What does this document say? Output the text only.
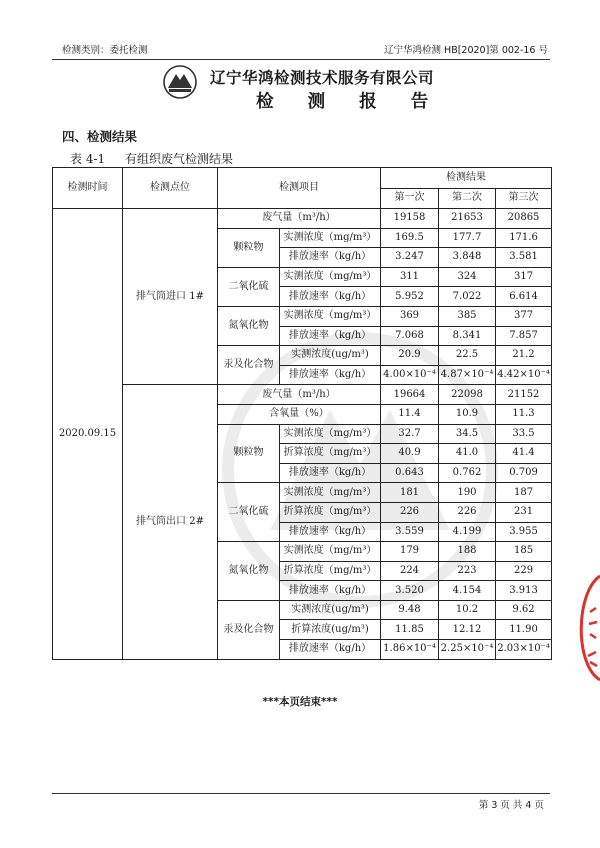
检测类别：委托检测	辽宁华鸿检测 HB[2020]第 002-16 号
辽宁华鸿检测技术服务有限公司
检 测 报 告
四、检测结果
表 4-1 有组织废气检测结果
检测时间	检测点位	检测项目		检测结果		
				第一次	第二次	第三次
2020.09.15	排气筒进口 1#	废气量（m³/h）		19158	21653	20865
		颗粒物	实测浓度（mg/m³）	169.5	177.7	171.6
			排放速率（kg/h）	3.247	3.848	3.581
		二氧化硫	实测浓度（mg/m³）	311	324	317
			排放速率（kg/h）	5.952	7.022	6.614
		氮氧化物	实测浓度（mg/m³）	369	385	377
			排放速率（kg/h）	7.068	8.341	7.857
		汞及化合物	实测浓度(ug/m³)	20.9	22.5	21.2
			排放速率（kg/h）	4.00×10⁻⁴	4.87×10⁻⁴	4.42×10⁻⁴
	排气筒出口 2#	废气量（m³/h）		19664	22098	21152
		含氧量（%）		11.4	10.9	11.3
		颗粒物	实测浓度（mg/m³）	32.7	34.5	33.5
			折算浓度（mg/m³）	40.9	41.0	41.4
			排放速率（kg/h）	0.643	0.762	0.709
		二氧化硫	实测浓度（mg/m³）	181	190	187
			折算浓度（mg/m³）	226	226	231
			排放速率（kg/h）	3.559	4.199	3.955
		氮氧化物	实测浓度（mg/m³）	179	188	185
			折算浓度（mg/m³）	224	223	229
			排放速率（kg/h）	3.520	4.154	3.913
		汞及化合物	实测浓度(ug/m³)	9.48	10.2	9.62
			折算浓度(ug/m³)	11.85	12.12	11.90
			排放速率（kg/h）	1.86×10⁻⁴	2.25×10⁻⁴	2.03×10⁻⁴
***本页结束***
第 3 页 共 4 页
